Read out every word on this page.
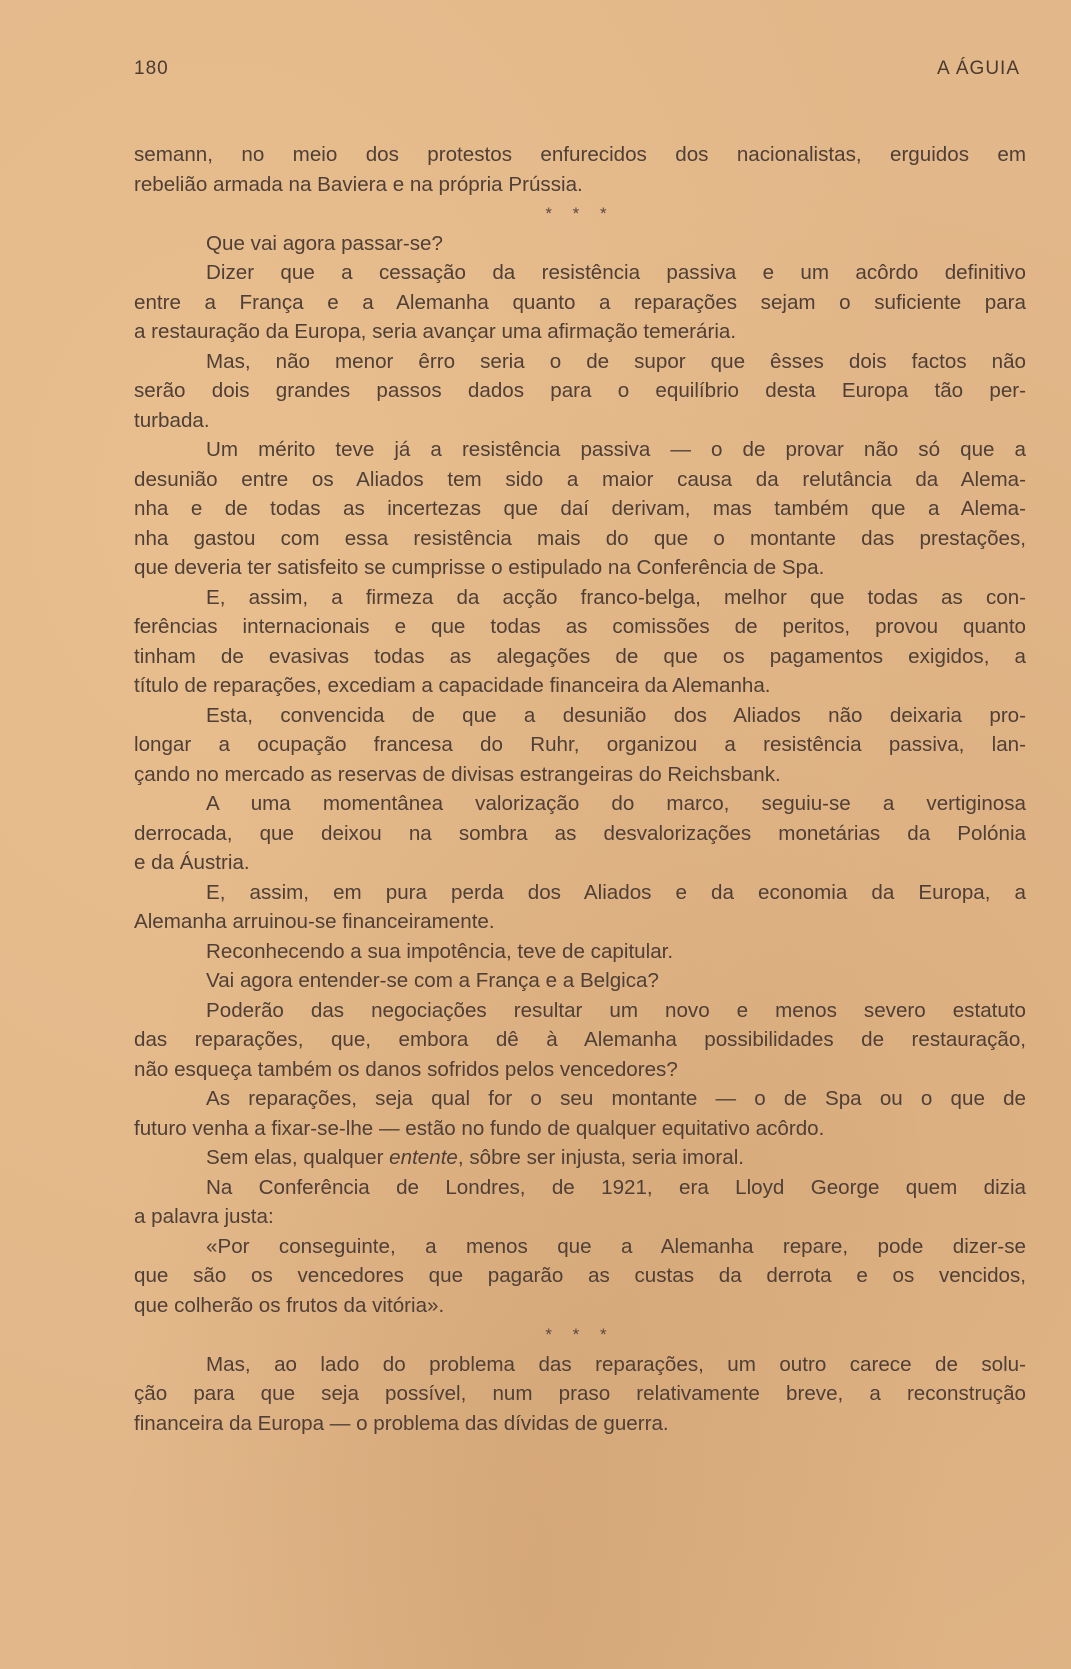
180	A ÁGUIA
semann, no meio dos protestos enfurecidos dos nacionalistas, erguidos em
rebelião armada na Baviera e na própria Prússia.
* * *
Que vai agora passar-se?
Dizer que a cessação da resistência passiva e um acôrdo definitivo
entre a França e a Alemanha quanto a reparações sejam o suficiente para
a restauração da Europa, seria avançar uma afirmação temerária.
Mas, não menor êrro seria o de supor que êsses dois factos não
serão dois grandes passos dados para o equilíbrio desta Europa tão per-
turbada.
Um mérito teve já a resistência passiva — o de provar não só que a
desunião entre os Aliados tem sido a maior causa da relutância da Alema-
nha e de todas as incertezas que daí derivam, mas também que a Alema-
nha gastou com essa resistência mais do que o montante das prestações,
que deveria ter satisfeito se cumprisse o estipulado na Conferência de Spa.
E, assim, a firmeza da acção franco-belga, melhor que todas as con-
ferências internacionais e que todas as comissões de peritos, provou quanto
tinham de evasivas todas as alegações de que os pagamentos exigidos, a
título de reparações, excediam a capacidade financeira da Alemanha.
Esta, convencida de que a desunião dos Aliados não deixaria pro-
longar a ocupação francesa do Ruhr, organizou a resistência passiva, lan-
çando no mercado as reservas de divisas estrangeiras do Reichsbank.
A uma momentânea valorização do marco, seguiu-se a vertiginosa
derrocada, que deixou na sombra as desvalorizações monetárias da Polónia
e da Áustria.
E, assim, em pura perda dos Aliados e da economia da Europa, a
Alemanha arruinou-se financeiramente.
Reconhecendo a sua impotência, teve de capitular.
Vai agora entender-se com a França e a Belgica?
Poderão das negociações resultar um novo e menos severo estatuto
das reparações, que, embora dê à Alemanha possibilidades de restauração,
não esqueça também os danos sofridos pelos vencedores?
As reparações, seja qual for o seu montante — o de Spa ou o que de
futuro venha a fixar-se-lhe — estão no fundo de qualquer equitativo acôrdo.
Sem elas, qualquer entente, sôbre ser injusta, seria imoral.
Na Conferência de Londres, de 1921, era Lloyd George quem dizia
a palavra justa:
«Por conseguinte, a menos que a Alemanha repare, pode dizer-se
que são os vencedores que pagarão as custas da derrota e os vencidos,
que colherão os frutos da vitória».
* * *
Mas, ao lado do problema das reparações, um outro carece de solu-
ção para que seja possível, num praso relativamente breve, a reconstrução
financeira da Europa — o problema das dívidas de guerra.
